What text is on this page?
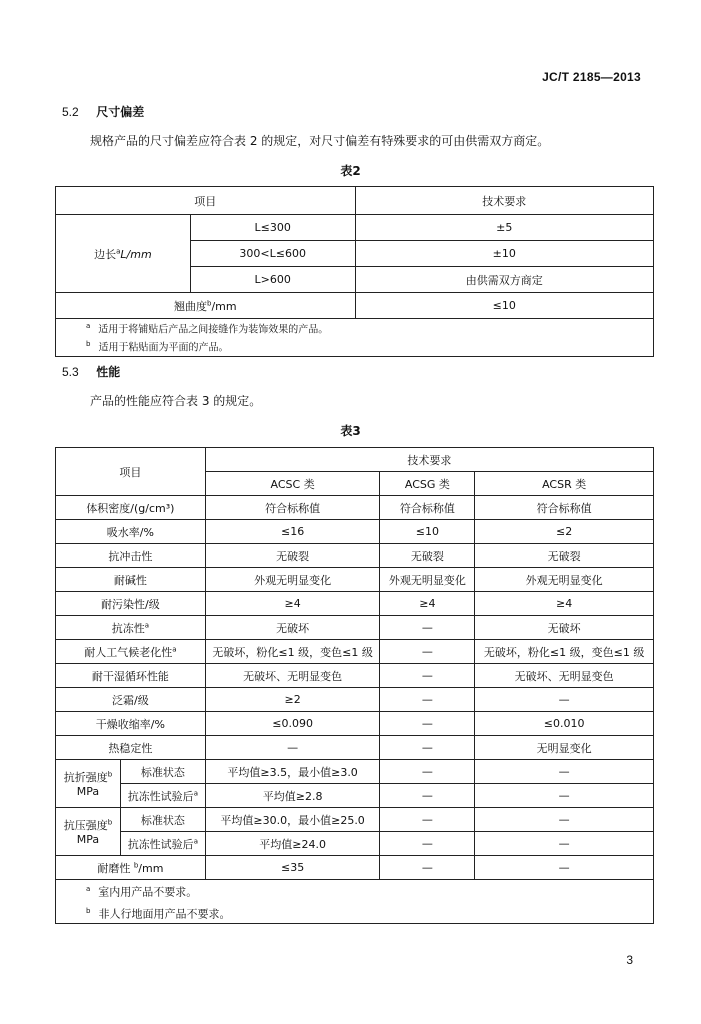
JC/T 2185—2013
5.2 尺寸偏差
规格产品的尺寸偏差应符合表 2 的规定，对尺寸偏差有特殊要求的可由供需双方商定。
表2
项目		技术要求
边长$^a$L/mm	L≤300	±5
	300<L≤600	±10
	L>600	由供需双方商定
翘曲度$^b$/mm		≤10

$^a$ 适用于将铺贴后产品之间接缝作为装饰效果的产品。
$^b$ 适用于粘贴面为平面的产品。		
5.3 性能
产品的性能应符合表 3 的规定。
表3
项目		技术要求		
		ACSC 类	ACSG 类	ACSR 类
体积密度/(g/cm³)		符合标称值	符合标称值	符合标称值
吸水率/%		≤16	≤10	≤2
抗冲击性		无破裂	无破裂	无破裂
耐碱性		外观无明显变化	外观无明显变化	外观无明显变化
耐污染性/级		≥4	≥4	≥4
抗冻性$^a$		无破坏	—	无破坏
耐人工气候老化性$^a$		无破坏，粉化≤1 级，变色≤1 级	—	无破坏，粉化≤1 级，变色≤1 级
耐干湿循环性能		无破坏、无明显变色	—	无破坏、无明显变色
泛霜/级		≥2	—	—
干燥收缩率/%		≤0.090	—	≤0.010
热稳定性		—	—	无明显变化
抗折强度$^b$
MPa	标准状态	平均值≥3.5，最小值≥3.0	—	—
	抗冻性试验后$^a$	平均值≥2.8	—	—
抗压强度$^b$
MPa	标准状态	平均值≥30.0，最小值≥25.0	—	—
	抗冻性试验后$^a$	平均值≥24.0	—	—
耐磨性 $^b$/mm		≤35	—	—

$^a$ 室内用产品不要求。
$^b$ 非人行地面用产品不要求。				
3
